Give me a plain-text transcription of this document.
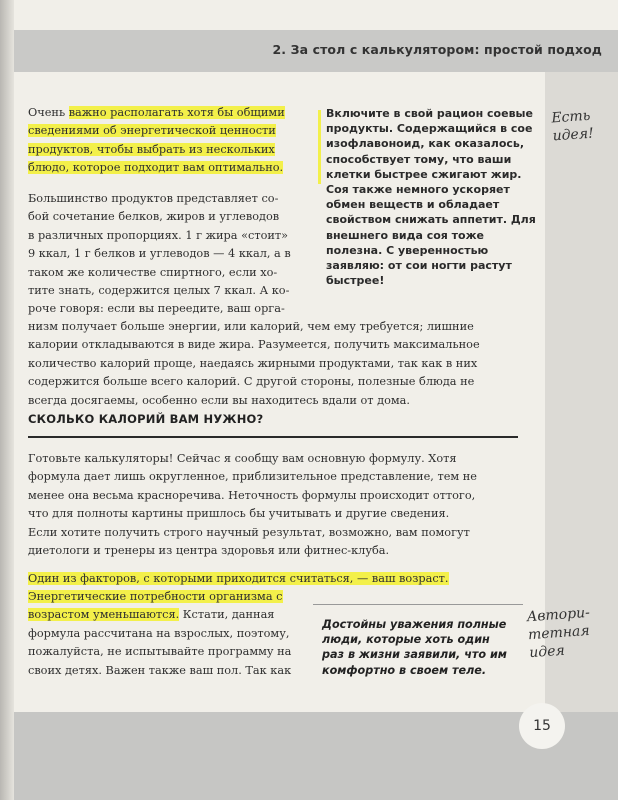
2. За стол с калькулятором: простой подход
15

Очень важно располагать хотя бы общими

сведениями об энергетической ценности

продуктов, чтобы выбрать из нескольких

блюдо, которое подходит вам оптимально.

Включите в свой рацион соевые продукты. Содержащийся в сое изофлавоноид, как оказалось, способствует тому, что ваши клетки быстрее сжигают жир. Соя также немного ускоряет обмен веществ и обладает свойством снижать аппетит. Для внешнего вида соя тоже полезна. С уверенностью заявляю: от сои ногти растут быстрее!
Есть
идея!
Автори-
тетная
идея

Большинство продуктов представляет со-

бой сочетание белков, жиров и углеводов

в различных пропорциях. 1 г жира «стоит»

9 ккал, 1 г белков и углеводов — 4 ккал, а в

таком же количестве спиртного, если хо-

тите знать, содержится целых 7 ккал. А ко-

роче говоря: если вы переедите, ваш орга-

низм получает больше энергии, или калорий, чем ему требуется; лишние

калории откладываются в виде жира. Разумеется, получить максимальное

количество калорий проще, наедаясь жирными продуктами, так как в них

содержится больше всего калорий. С другой стороны, полезные блюда не

всегда досягаемы, особенно если вы находитесь вдали от дома.

СКОЛЬКО КАЛОРИЙ ВАМ НУЖНО?

Готовьте калькуляторы! Сейчас я сообщу вам основную формулу. Хотя

формула дает лишь округленное, приблизительное представление, тем не

менее она весьма красноречива. Неточность формулы происходит оттого,

что для полноты картины пришлось бы учитывать и другие сведения.

Если хотите получить строго научный результат, возможно, вам помогут

диетологи и тренеры из центра здоровья или фитнес-клуба.

Один из факторов, с которыми приходится считаться, — ваш возраст.

Энергетические потребности организма с

возрастом уменьшаются. Кстати, данная

формула рассчитана на взрослых, поэтому,

пожалуйста, не испытывайте программу на

своих детях. Важен также ваш пол. Так как

Достойны уважения полные люди, которые хоть один раз в жизни заявили, что им комфортно в своем теле.
